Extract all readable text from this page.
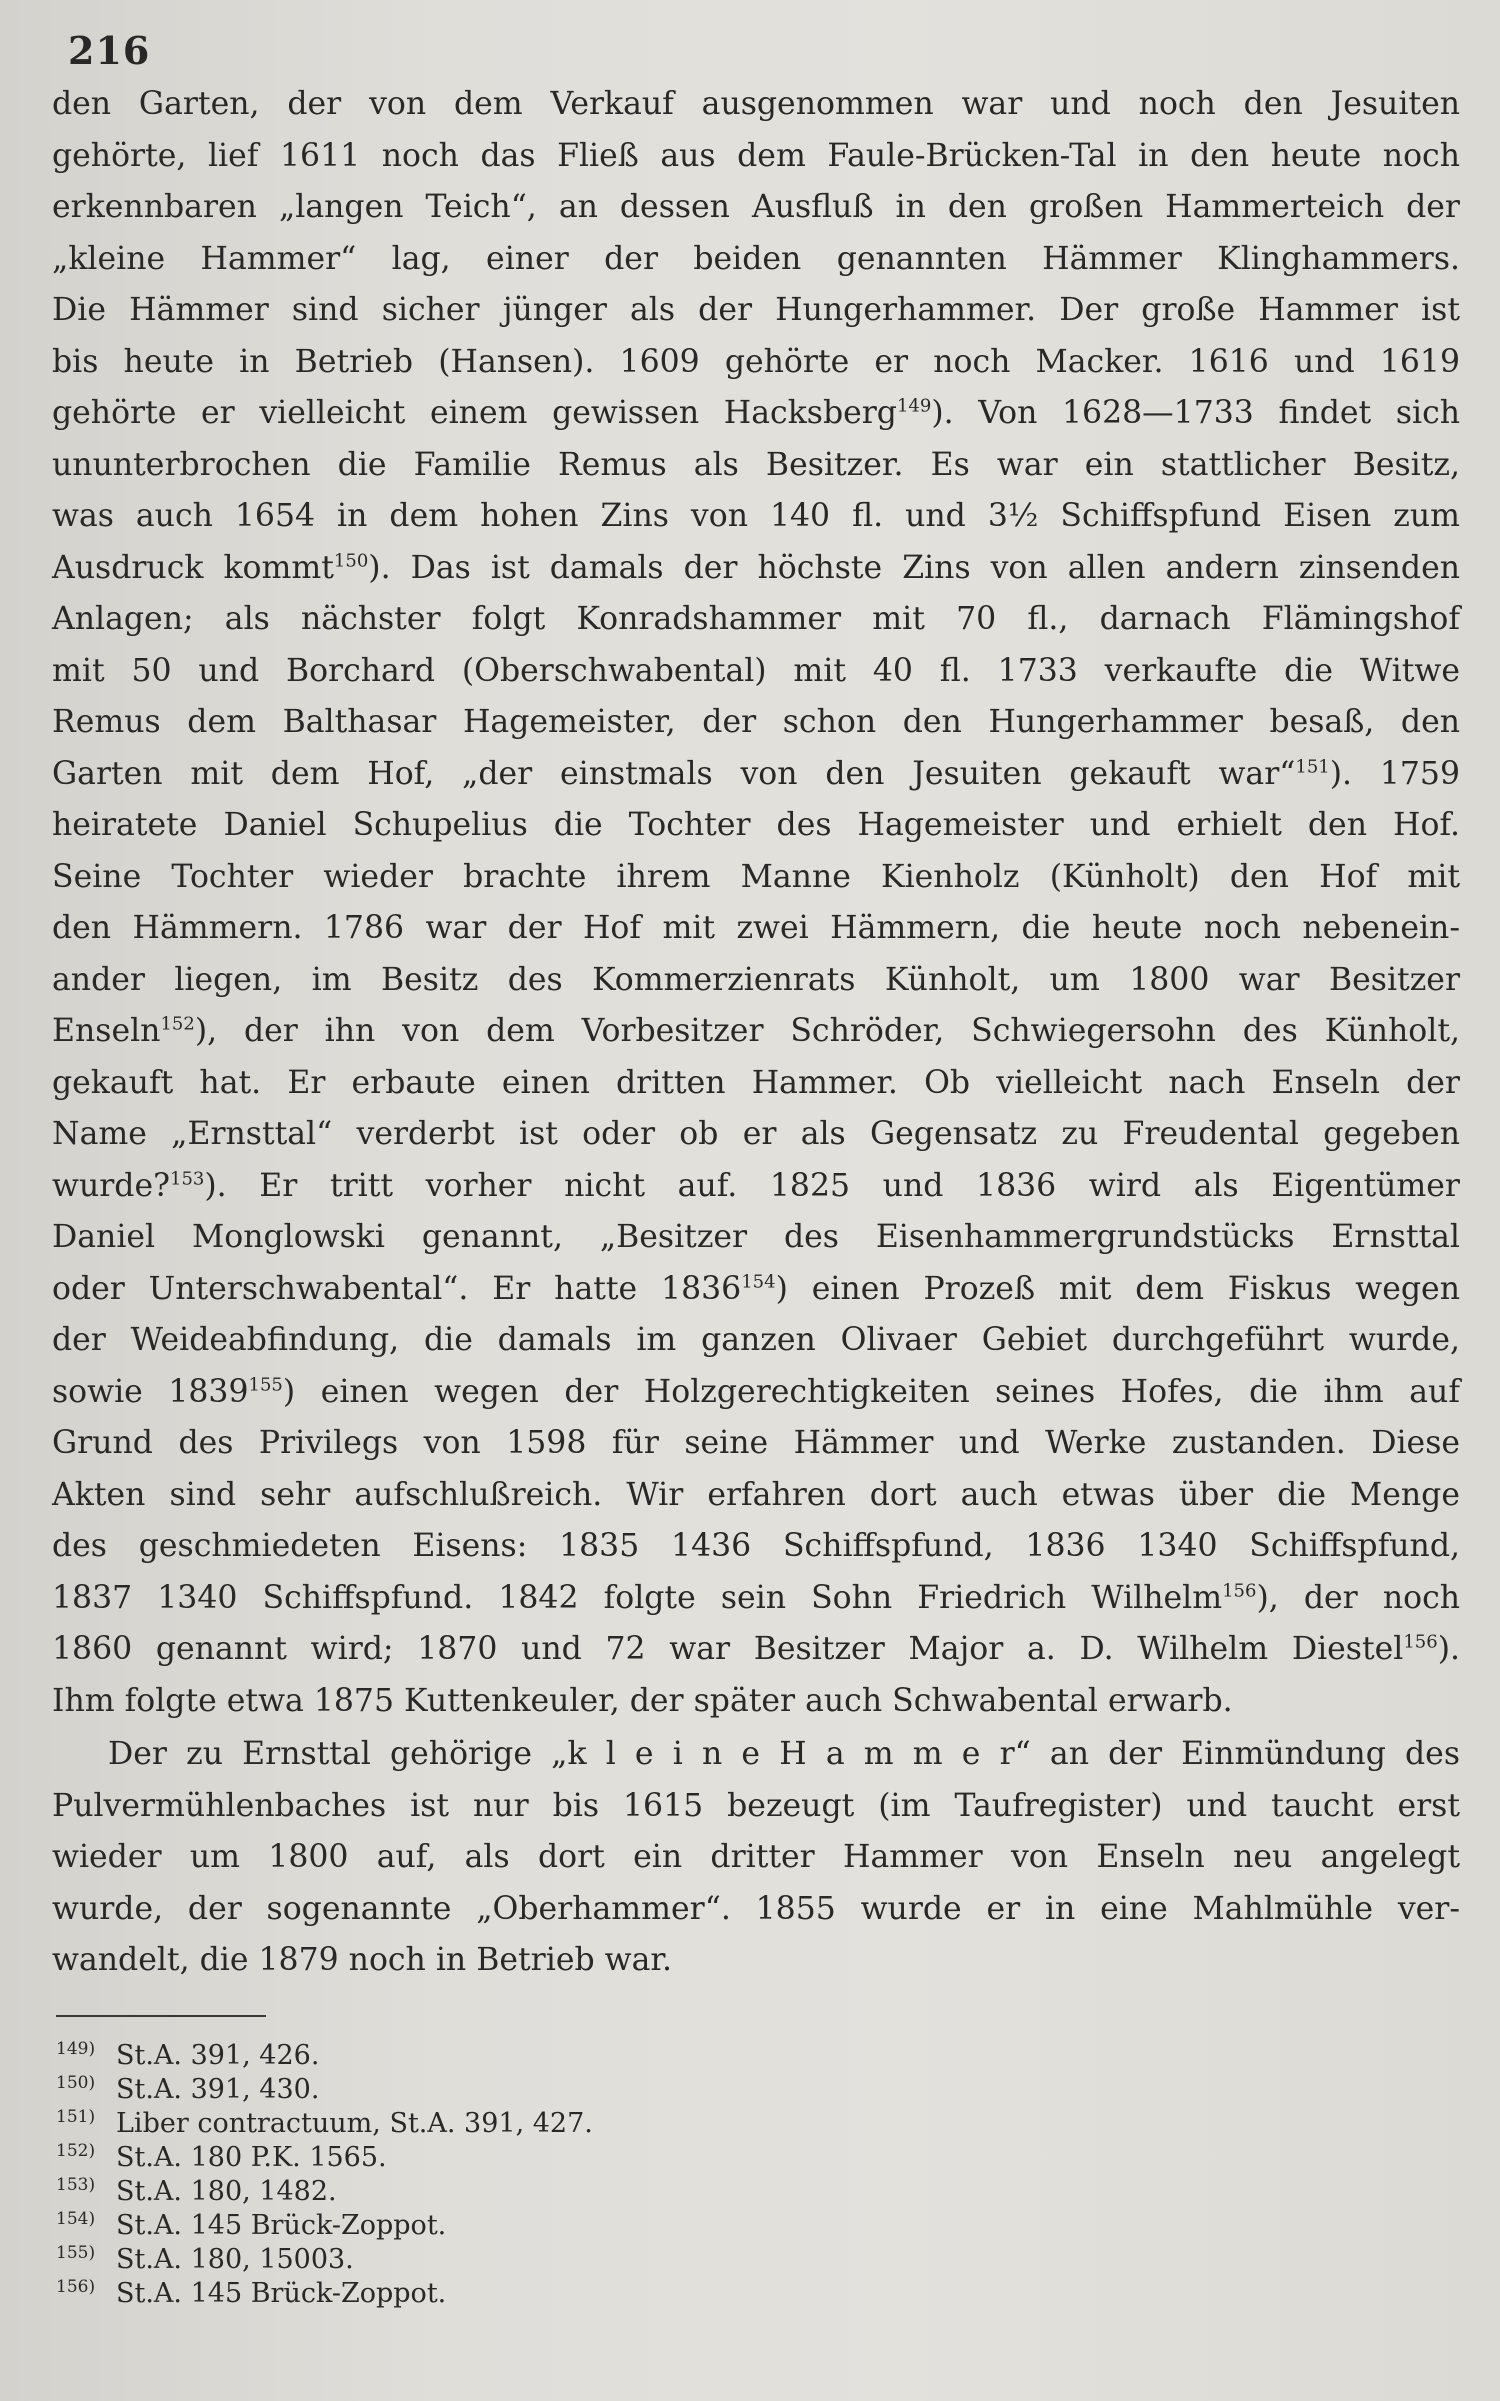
216
den Garten, der von dem Verkauf ausgenommen war und noch den Jesuiten
gehörte, lief 1611 noch das Fließ aus dem Faule-Brücken-Tal in den heute noch
erkennbaren „langen Teich“, an dessen Ausfluß in den großen Hammerteich der
„kleine Hammer“ lag, einer der beiden genannten Hämmer Klinghammers.
Die Hämmer sind sicher jünger als der Hungerhammer. Der große Hammer ist
bis heute in Betrieb (Hansen). 1609 gehörte er noch Macker. 1616 und 1619
gehörte er vielleicht einem gewissen Hacksberg$^{149}$). Von 1628—1733 findet sich
ununterbrochen die Familie Remus als Besitzer. Es war ein stattlicher Besitz,
was auch 1654 in dem hohen Zins von 140 fl. und 3½ Schiffspfund Eisen zum
Ausdruck kommt$^{150}$). Das ist damals der höchste Zins von allen andern zinsenden
Anlagen; als nächster folgt Konradshammer mit 70 fl., darnach Flämingshof
mit 50 und Borchard (Oberschwabental) mit 40 fl. 1733 verkaufte die Witwe
Remus dem Balthasar Hagemeister, der schon den Hungerhammer besaß, den
Garten mit dem Hof, „der einstmals von den Jesuiten gekauft war“$^{151}$). 1759
heiratete Daniel Schupelius die Tochter des Hagemeister und erhielt den Hof.
Seine Tochter wieder brachte ihrem Manne Kienholz (Künholt) den Hof mit
den Hämmern. 1786 war der Hof mit zwei Hämmern, die heute noch nebenein-
ander liegen, im Besitz des Kommerzienrats Künholt, um 1800 war Besitzer
Enseln$^{152}$), der ihn von dem Vorbesitzer Schröder, Schwiegersohn des Künholt,
gekauft hat. Er erbaute einen dritten Hammer. Ob vielleicht nach Enseln der
Name „Ernsttal“ verderbt ist oder ob er als Gegensatz zu Freudental gegeben
wurde?$^{153}$). Er tritt vorher nicht auf. 1825 und 1836 wird als Eigentümer
Daniel Monglowski genannt, „Besitzer des Eisenhammergrundstücks Ernsttal
oder Unterschwabental“. Er hatte 1836$^{154}$) einen Prozeß mit dem Fiskus wegen
der Weideabfindung, die damals im ganzen Olivaer Gebiet durchgeführt wurde,
sowie 1839$^{155}$) einen wegen der Holzgerechtigkeiten seines Hofes, die ihm auf
Grund des Privilegs von 1598 für seine Hämmer und Werke zustanden. Diese
Akten sind sehr aufschlußreich. Wir erfahren dort auch etwas über die Menge
des geschmiedeten Eisens: 1835 1436 Schiffspfund, 1836 1340 Schiffspfund,
1837 1340 Schiffspfund. 1842 folgte sein Sohn Friedrich Wilhelm$^{156}$), der noch
1860 genannt wird; 1870 und 72 war Besitzer Major a. D. Wilhelm Diestel$^{156}$).
Ihm folgte etwa 1875 Kuttenkeuler, der später auch Schwabental erwarb.
Der zu Ernsttal gehörige „k l e i n e H a m m e r“ an der Einmündung des
Pulvermühlenbaches ist nur bis 1615 bezeugt (im Taufregister) und taucht erst
wieder um 1800 auf, als dort ein dritter Hammer von Enseln neu angelegt
wurde, der sogenannte „Oberhammer“. 1855 wurde er in eine Mahlmühle ver-
wandelt, die 1879 noch in Betrieb war.
149) St.A. 391, 426.
150) St.A. 391, 430.
151) Liber contractuum, St.A. 391, 427.
152) St.A. 180 P.K. 1565.
153) St.A. 180, 1482.
154) St.A. 145 Brück-Zoppot.
155) St.A. 180, 15003.
156) St.A. 145 Brück-Zoppot.
